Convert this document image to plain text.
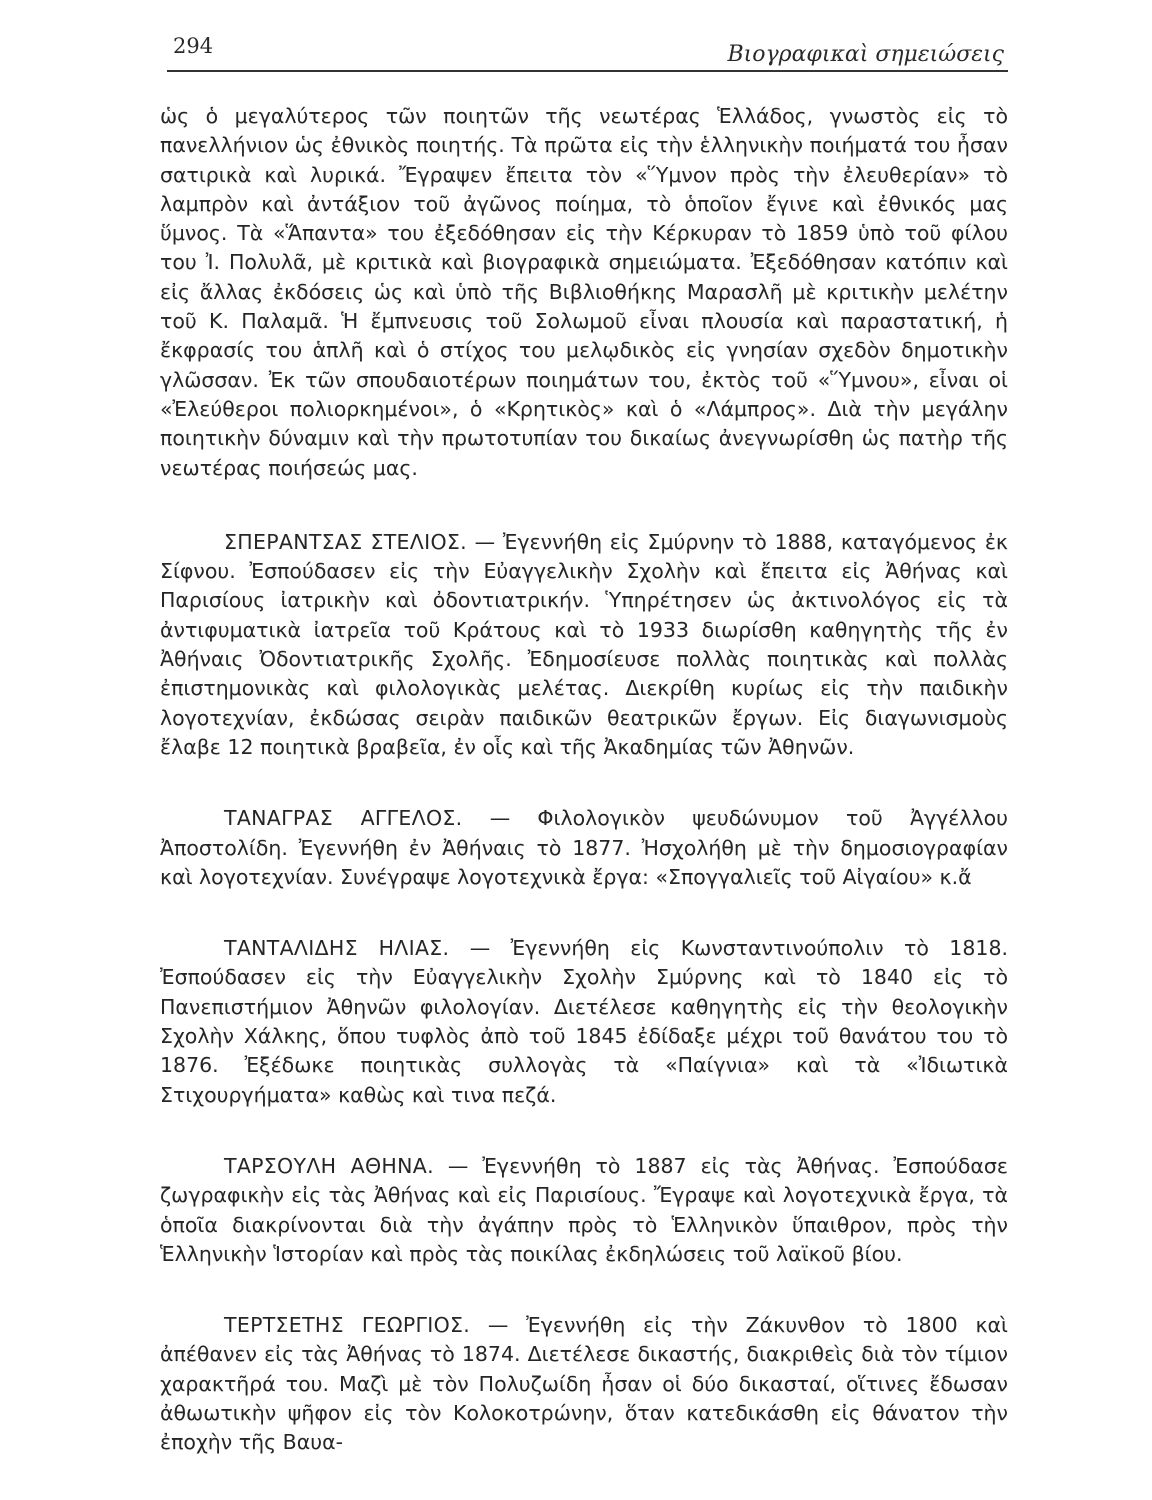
294	Βιογραφικαὶ σημειώσεις

ὡς ὁ μεγαλύτερος τῶν ποιητῶν τῆς νεωτέρας Ἑλλάδος, γνωστὸς εἰς τὸ πανελλήνιον ὡς ἐθνικὸς ποιητής. Τὰ πρῶτα εἰς τὴν ἑλληνικὴν ποιήματά του ἦσαν σατιρικὰ καὶ λυρικά. Ἔγραψεν ἔπειτα τὸν «Ὕμνον πρὸς τὴν ἐλευθερίαν» τὸ λαμπρὸν καὶ ἀντάξιον τοῦ ἀγῶνος ποίημα, τὸ ὁποῖον ἔγινε καὶ ἐθνικός μας ὕμνος. Τὰ «Ἅπαντα» του ἐξεδόθησαν εἰς τὴν Κέρκυραν τὸ 1859 ὑπὸ τοῦ φίλου του Ἰ. Πολυλᾶ, μὲ κριτικὰ καὶ βιογραφικὰ σημειώματα. Ἐξεδόθησαν κατόπιν καὶ εἰς ἄλλας ἐκδόσεις ὡς καὶ ὑπὸ τῆς Βιβλιοθήκης Μαρασλῆ μὲ κριτικὴν μελέτην τοῦ Κ. Παλαμᾶ. Ἡ ἔμπνευσις τοῦ Σολωμοῦ εἶναι πλουσία καὶ παραστατική, ἡ ἔκφρασίς του ἁπλῆ καὶ ὁ στίχος του μελῳδικὸς εἰς γνησίαν σχεδὸν δημοτικὴν γλῶσσαν. Ἐκ τῶν σπουδαιοτέρων ποιημάτων του, ἐκτὸς τοῦ «Ὕμνου», εἶναι οἱ «Ἐλεύθεροι πολιορκημένοι», ὁ «Κρητικὸς» καὶ ὁ «Λάμπρος». Διὰ τὴν μεγάλην ποιητικὴν δύναμιν καὶ τὴν πρωτοτυπίαν του δικαίως ἀνεγνωρίσθη ὡς πατὴρ τῆς νεωτέρας ποιήσεώς μας.

ΣΠΕΡΑΝΤΣΑΣ ΣΤΕΛΙΟΣ. — Ἐγεννήθη εἰς Σμύρνην τὸ 1888, καταγόμενος ἐκ Σίφνου. Ἐσπούδασεν εἰς τὴν Εὐαγγελικὴν Σχολὴν καὶ ἔπειτα εἰς Ἀθήνας καὶ Παρισίους ἰατρικὴν καὶ ὀδοντιατρικήν. Ὑπηρέτησεν ὡς ἀκτινολόγος εἰς τὰ ἀντιφυματικὰ ἰατρεῖα τοῦ Κράτους καὶ τὸ 1933 διωρίσθη καθηγητὴς τῆς ἐν Ἀθήναις Ὀδοντιατρικῆς Σχολῆς. Ἐδημοσίευσε πολλὰς ποιητικὰς καὶ πολλὰς ἐπιστημονικὰς καὶ φιλολογικὰς μελέτας. Διεκρίθη κυρίως εἰς τὴν παιδικὴν λογοτεχνίαν, ἐκδώσας σειρὰν παιδικῶν θεατρικῶν ἔργων. Εἰς διαγωνισμοὺς ἔλαβε 12 ποιητικὰ βραβεῖα, ἐν οἷς καὶ τῆς Ἀκαδημίας τῶν Ἀθηνῶν.

ΤΑΝΑΓΡΑΣ ΑΓΓΕΛΟΣ. — Φιλολογικὸν ψευδώνυμον τοῦ Ἀγγέλλου Ἀποστολίδη. Ἐγεννήθη ἐν Ἀθήναις τὸ 1877. Ἠσχολήθη μὲ τὴν δημοσιογραφίαν καὶ λογοτεχνίαν. Συνέγραψε λογοτεχνικὰ ἔργα: «Σπογγαλιεῖς τοῦ Αἰγαίου» κ.ἄ

ΤΑΝΤΑΛΙΔΗΣ ΗΛΙΑΣ. — Ἐγεννήθη εἰς Κωνσταντινούπολιν τὸ 1818. Ἐσπούδασεν εἰς τὴν Εὐαγγελικὴν Σχολὴν Σμύρνης καὶ τὸ 1840 εἰς τὸ Πανεπιστήμιον Ἀθηνῶν φιλολογίαν. Διετέλεσε καθηγητὴς εἰς τὴν θεολογικὴν Σχολὴν Χάλκης, ὅπου τυφλὸς ἀπὸ τοῦ 1845 ἐδίδαξε μέχρι τοῦ θανάτου του τὸ 1876. Ἐξέδωκε ποιητικὰς συλλογὰς τὰ «Παίγνια» καὶ τὰ «Ἰδιωτικὰ Στιχουργήματα» καθὼς καὶ τινα πεζά.

ΤΑΡΣΟΥΛΗ ΑΘΗΝΑ. — Ἐγεννήθη τὸ 1887 εἰς τὰς Ἀθήνας. Ἐσπούδασε ζωγραφικὴν εἰς τὰς Ἀθήνας καὶ εἰς Παρισίους. Ἔγραψε καὶ λογοτεχνικὰ ἔργα, τὰ ὁποῖα διακρίνονται διὰ τὴν ἀγάπην πρὸς τὸ Ἑλληνικὸν ὕπαιθρον, πρὸς τὴν Ἑλληνικὴν Ἱστορίαν καὶ πρὸς τὰς ποικίλας ἐκδηλώσεις τοῦ λαϊκοῦ βίου.

ΤΕΡΤΣΕΤΗΣ ΓΕΩΡΓΙΟΣ. — Ἐγεννήθη εἰς τὴν Ζάκυνθον τὸ 1800 καὶ ἀπέθανεν εἰς τὰς Ἀθήνας τὸ 1874. Διετέλεσε δικαστής, διακριθεὶς διὰ τὸν τίμιον χαρακτῆρά του. Μαζὶ μὲ τὸν Πολυζωίδη ἦσαν οἱ δύο δικασταί, οἵτινες ἔδωσαν ἀθωωτικὴν ψῆφον εἰς τὸν Κολοκοτρώνην, ὅταν κατεδικάσθη εἰς θάνατον τὴν ἐποχὴν τῆς Βαυα-
